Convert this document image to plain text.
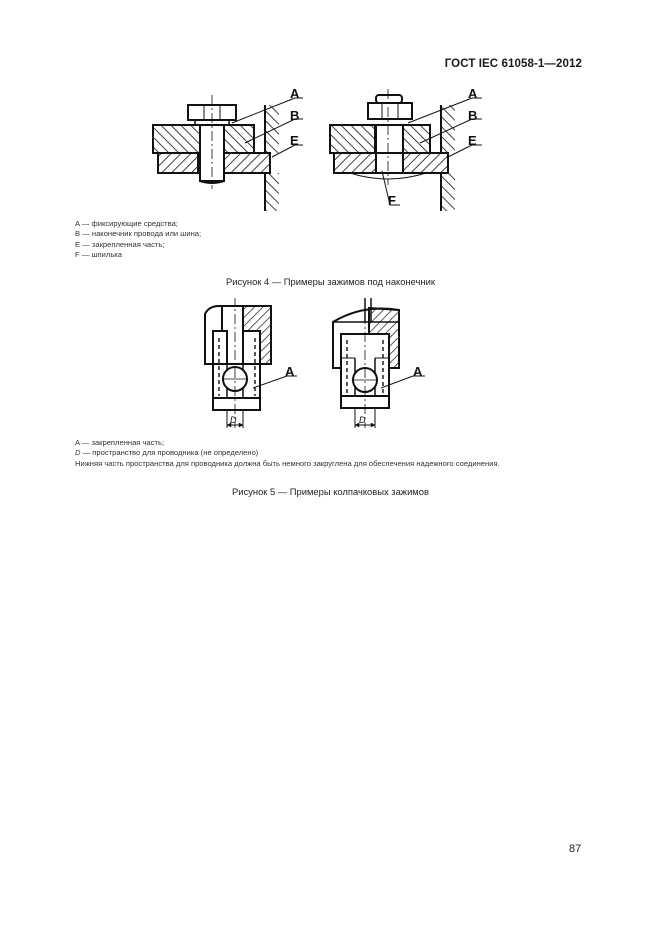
ГОСТ IEC 61058-1—2012
A
B
E
A
B
E
F
A — фиксирующие средства;
B — наконечник провода или шина;
E — закрепленная часть;
F — шпилька
Рисунок 4 — Примеры зажимов под наконечник
A
D
A
D
A — закрепленная часть;
D — пространство для проводника (не определено)
Нижняя часть пространства для проводника должна быть немного закруглена для обеспечения надежного соединения.
Рисунок 5 — Примеры колпачковых зажимов
87
